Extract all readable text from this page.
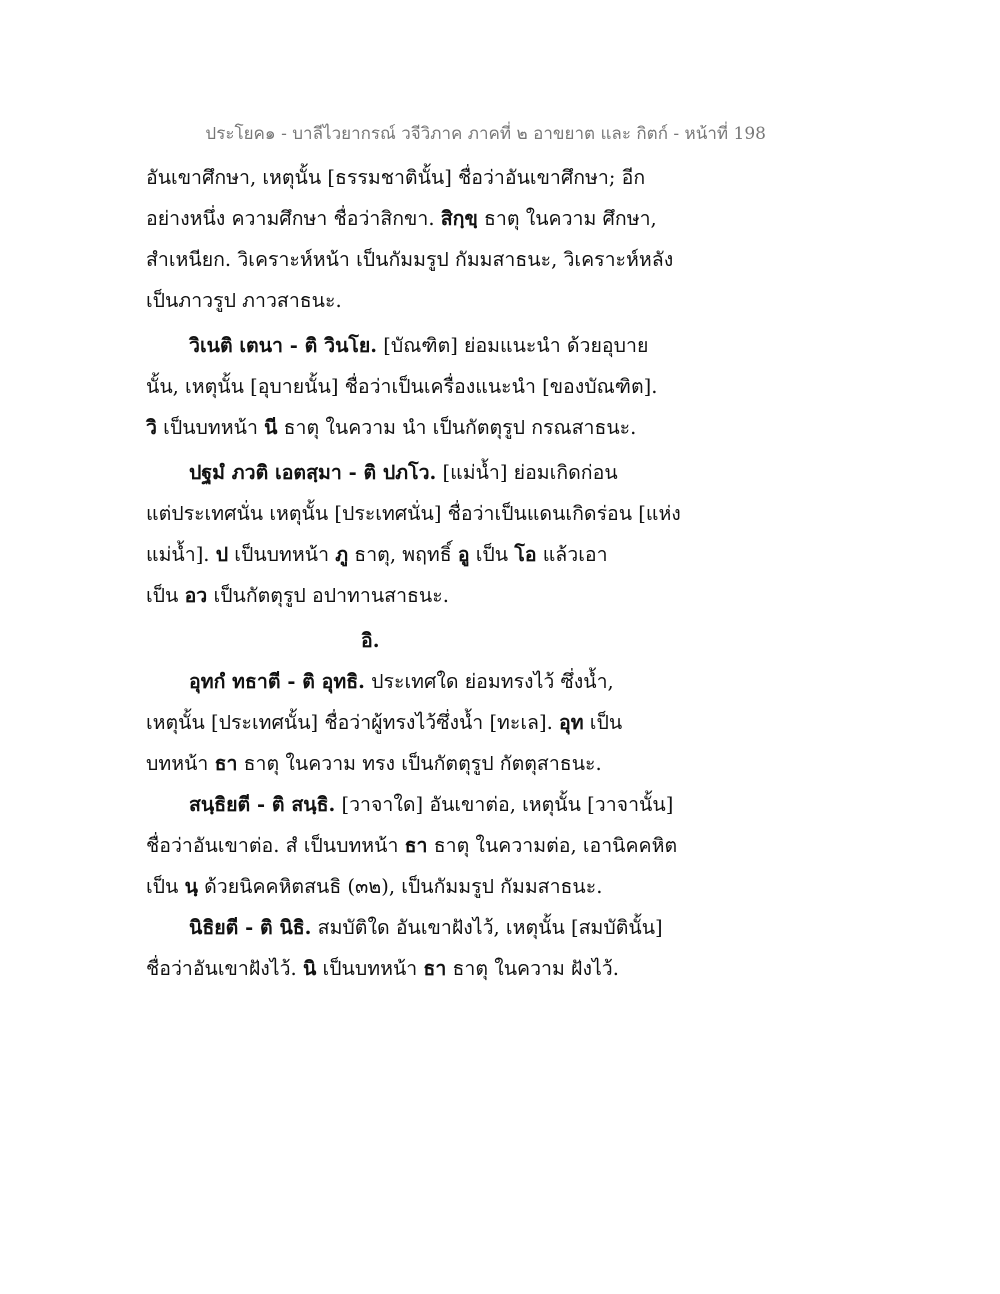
ประโยค๑ - บาลีไวยากรณ์ วจีวิภาค ภาคที่ ๒ อาขยาต และ กิตก์ - หน้าที่ 198
อันเขาศึกษา, เหตุนั้น [ธรรมชาตินั้น] ชื่อว่าอันเขาศึกษา; อีก
อย่างหนึ่ง ความศึกษา ชื่อว่าสิกขา. สิกฺขฺ ธาตุ ในความ ศึกษา,
สำเหนียก. วิเคราะห์หน้า เป็นกัมมรูป กัมมสาธนะ, วิเคราะห์หลัง
เป็นภาวรูป ภาวสาธนะ.
วิเนติ เตนา - ติ วินโย. [บัณฑิต] ย่อมแนะนำ ด้วยอุบาย
นั้น, เหตุนั้น [อุบายนั้น] ชื่อว่าเป็นเครื่องแนะนำ [ของบัณฑิต].
วิ เป็นบทหน้า นี ธาตุ ในความ นำ เป็นกัตตุรูป กรณสาธนะ.
ปฐมํ ภวติ เอตสฺมา - ติ ปภโว. [แม่น้ำ] ย่อมเกิดก่อน
แต่ประเทศนั่น เหตุนั้น [ประเทศนั่น] ชื่อว่าเป็นแดนเกิดร่อน [แห่ง
แม่น้ำ]. ป เป็นบทหน้า ภู ธาตุ, พฤทธิ์ อู เป็น โอ แล้วเอา
เป็น อว เป็นกัตตุรูป อปาทานสาธนะ.
อิ.
อุทกํ ทธาตี - ติ อุทธิ. ประเทศใด ย่อมทรงไว้ ซึ่งน้ำ,
เหตุนั้น [ประเทศนั้น] ชื่อว่าผู้ทรงไว้ซึ่งน้ำ [ทะเล]. อุท เป็น
บทหน้า ธา ธาตุ ในความ ทรง เป็นกัตตุรูป กัตตุสาธนะ.
สนฺธิยตี - ติ สนฺธิ. [วาจาใด] อันเขาต่อ, เหตุนั้น [วาจานั้น]
ชื่อว่าอันเขาต่อ. สํ เป็นบทหน้า ธา ธาตุ ในความต่อ, เอานิคคหิต
เป็น นฺ ด้วยนิคคหิตสนธิ (๓๒), เป็นกัมมรูป กัมมสาธนะ.
นิธิยตี - ติ นิธิ. สมบัติใด อันเขาฝังไว้, เหตุนั้น [สมบัตินั้น]
ชื่อว่าอันเขาฝังไว้. นิ เป็นบทหน้า ธา ธาตุ ในความ ฝังไว้.
